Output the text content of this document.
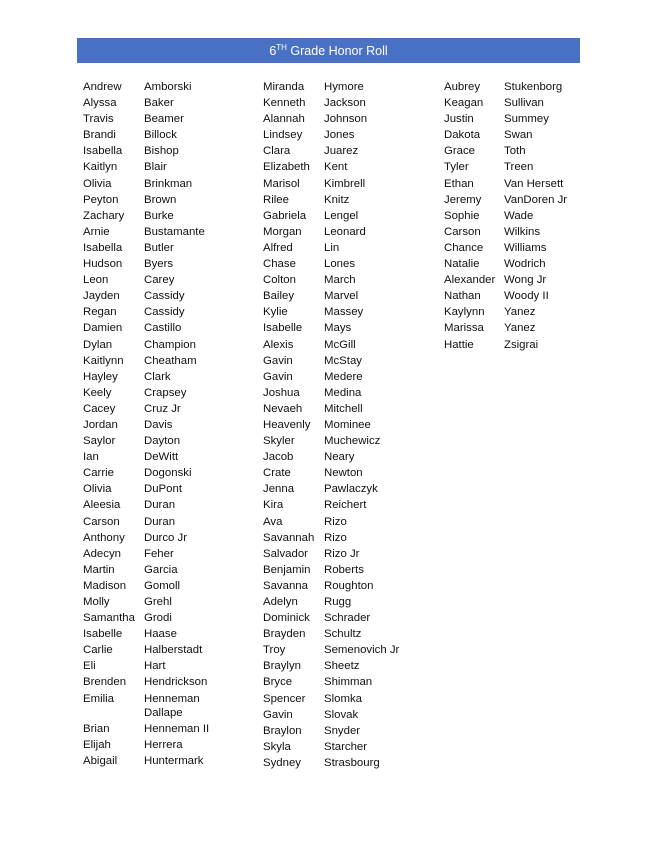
6TH Grade Honor Roll
Andrew	Amborski
Alyssa	Baker
Travis	Beamer
Brandi	Billock
Isabella	Bishop
Kaitlyn	Blair
Olivia	Brinkman
Peyton	Brown
Zachary	Burke
Arnie	Bustamante
Isabella	Butler
Hudson	Byers
Leon	Carey
Jayden	Cassidy
Regan	Cassidy
Damien	Castillo
Dylan	Champion
Kaitlynn	Cheatham
Hayley	Clark
Keely	Crapsey
Cacey	Cruz Jr
Jordan	Davis
Saylor	Dayton
Ian	DeWitt
Carrie	Dogonski
Olivia	DuPont
Aleesia	Duran
Carson	Duran
Anthony	Durco Jr
Adecyn	Feher
Martin	Garcia
Madison	Gomoll
Molly	Grehl
Samantha Grodi
Isabelle	Haase
Carlie	Halberstadt
Eli	Hart
Brenden	Hendrickson
Emilia	Henneman Dallape
Brian	Henneman II
Elijah	Herrera
Abigail	Huntermark
Miranda	Hymore
Kenneth	Jackson
Alannah	Johnson
Lindsey	Jones
Clara	Juarez
Elizabeth	Kent
Marisol	Kimbrell
Rilee	Knitz
Gabriela	Lengel
Morgan	Leonard
Alfred	Lin
Chase	Lones
Colton	March
Bailey	Marvel
Kylie	Massey
Isabelle	Mays
Alexis	McGill
Gavin	McStay
Gavin	Medere
Joshua	Medina
Nevaeh	Mitchell
Heavenly	Mominee
Skyler	Muchewicz
Jacob	Neary
Crate	Newton
Jenna	Pawlaczyk
Kira	Reichert
Ava	Rizo
Savannah Rizo
Salvador	Rizo Jr
Benjamin	Roberts
Savanna	Roughton
Adelyn	Rugg
Dominick	Schrader
Brayden	Schultz
Troy	Semenovich Jr
Braylyn	Sheetz
Bryce	Shimman
Spencer	Slomka
Gavin	Slovak
Braylon	Snyder
Skyla	Starcher
Sydney	Strasbourg
Aubrey	Stukenborg
Keagan	Sullivan
Justin	Summey
Dakota	Swan
Grace	Toth
Tyler	Treen
Ethan	Van Hersett
Jeremy	VanDoren Jr
Sophie	Wade
Carson	Wilkins
Chance	Williams
Natalie	Wodrich
Alexander Wong Jr
Nathan	Woody II
Kaylynn	Yanez
Marissa	Yanez
Hattie	Zsigrai
